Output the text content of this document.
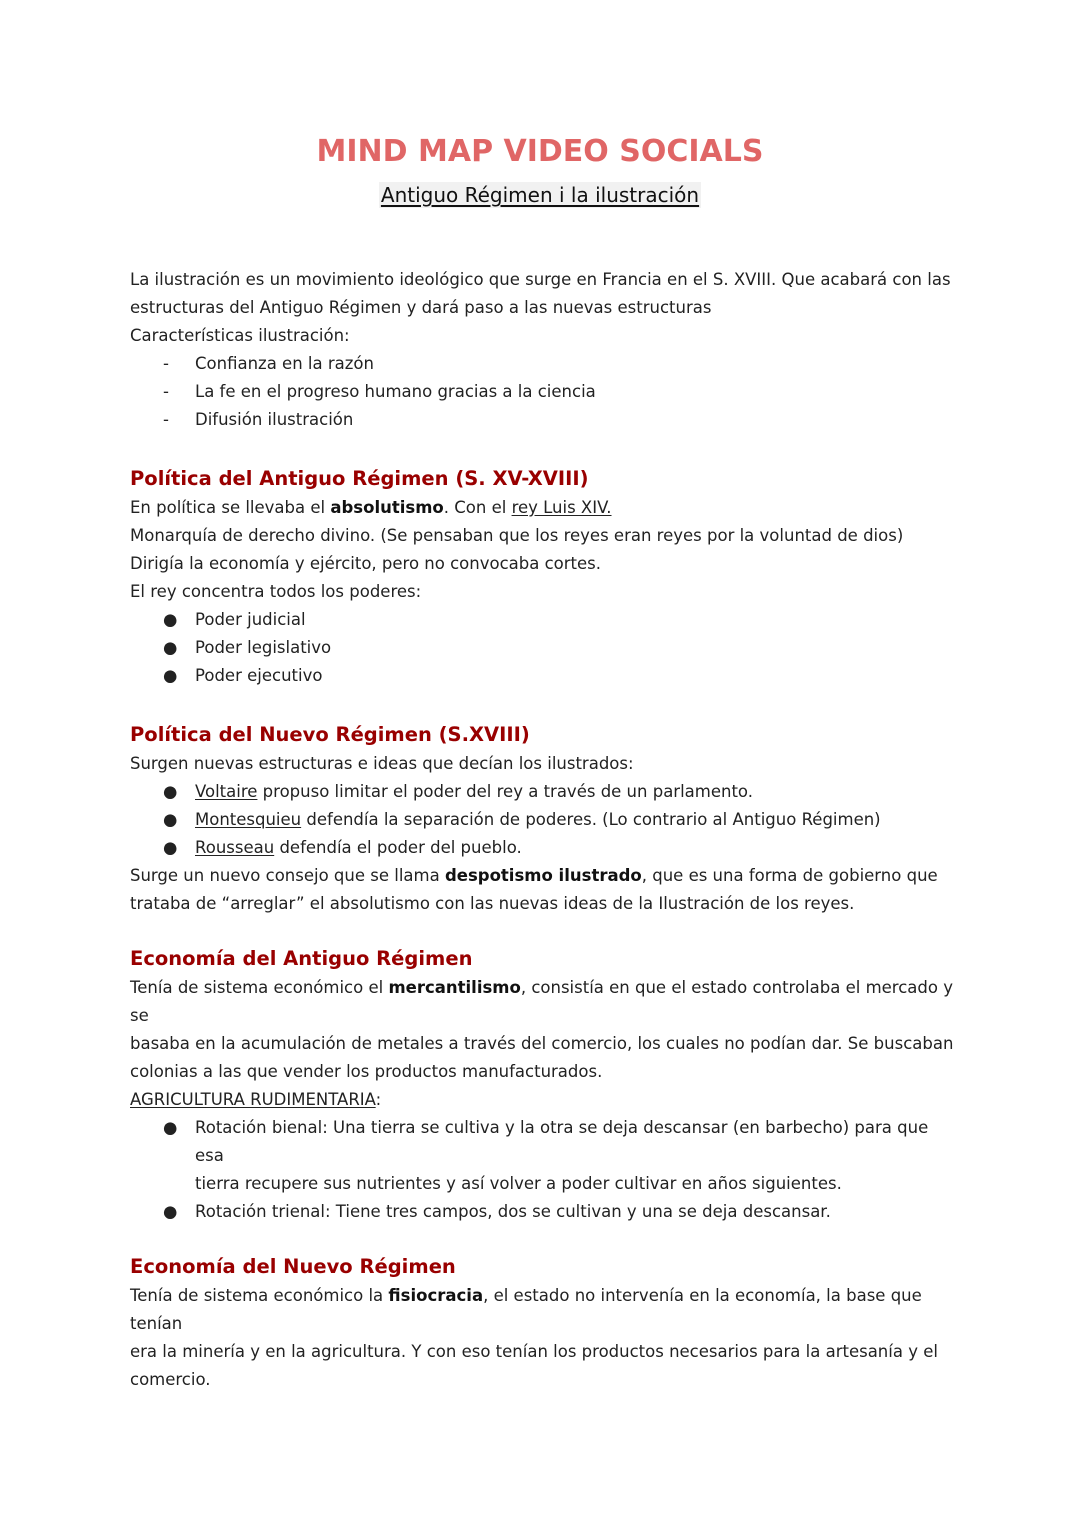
MIND MAP VIDEO SOCIALS
Antiguo Régimen i la ilustración

La ilustración es un movimiento ideológico que surge en Francia en el S. XVIII. Que acabará con las

estructuras del Antiguo Régimen y dará paso a las nuevas estructuras

Características ilustración:

-	Confianza en la razón
-	La fe en el progreso humano gracias a la ciencia
-	Difusión ilustración
Política del Antiguo Régimen (S. XV-XVIII)

En política se llevaba el absolutismo. Con el rey Luis XIV.

Monarquía de derecho divino. (Se pensaban que los reyes eran reyes por la voluntad de dios)

Dirigía la economía y ejército, pero no convocaba cortes.

El rey concentra todos los poderes:

●	Poder judicial
●	Poder legislativo
●	Poder ejecutivo
Política del Nuevo Régimen (S.XVIII)

Surgen nuevas estructuras e ideas que decían los ilustrados:

●	Voltaire propuso limitar el poder del rey a través de un parlamento.
●	Montesquieu defendía la separación de poderes. (Lo contrario al Antiguo Régimen)
●	Rousseau defendía el poder del pueblo.

Surge un nuevo consejo que se llama despotismo ilustrado, que es una forma de gobierno que

trataba de “arreglar” el absolutismo con las nuevas ideas de la Ilustración de los reyes.

Economía del Antiguo Régimen

Tenía de sistema económico el mercantilismo, consistía en que el estado controlaba el mercado y se

basaba en la acumulación de metales a través del comercio, los cuales no podían dar. Se buscaban

colonias a las que vender los productos manufacturados.

AGRICULTURA RUDIMENTARIA:

●	Rotación bienal: Una tierra se cultiva y la otra se deja descansar (en barbecho) para que esa
tierra recupere sus nutrientes y así volver a poder cultivar en años siguientes.
●	Rotación trienal: Tiene tres campos, dos se cultivan y una se deja descansar.
Economía del Nuevo Régimen

Tenía de sistema económico la fisiocracia, el estado no intervenía en la economía, la base que tenían

era la minería y en la agricultura. Y con eso tenían los productos necesarios para la artesanía y el

comercio.
